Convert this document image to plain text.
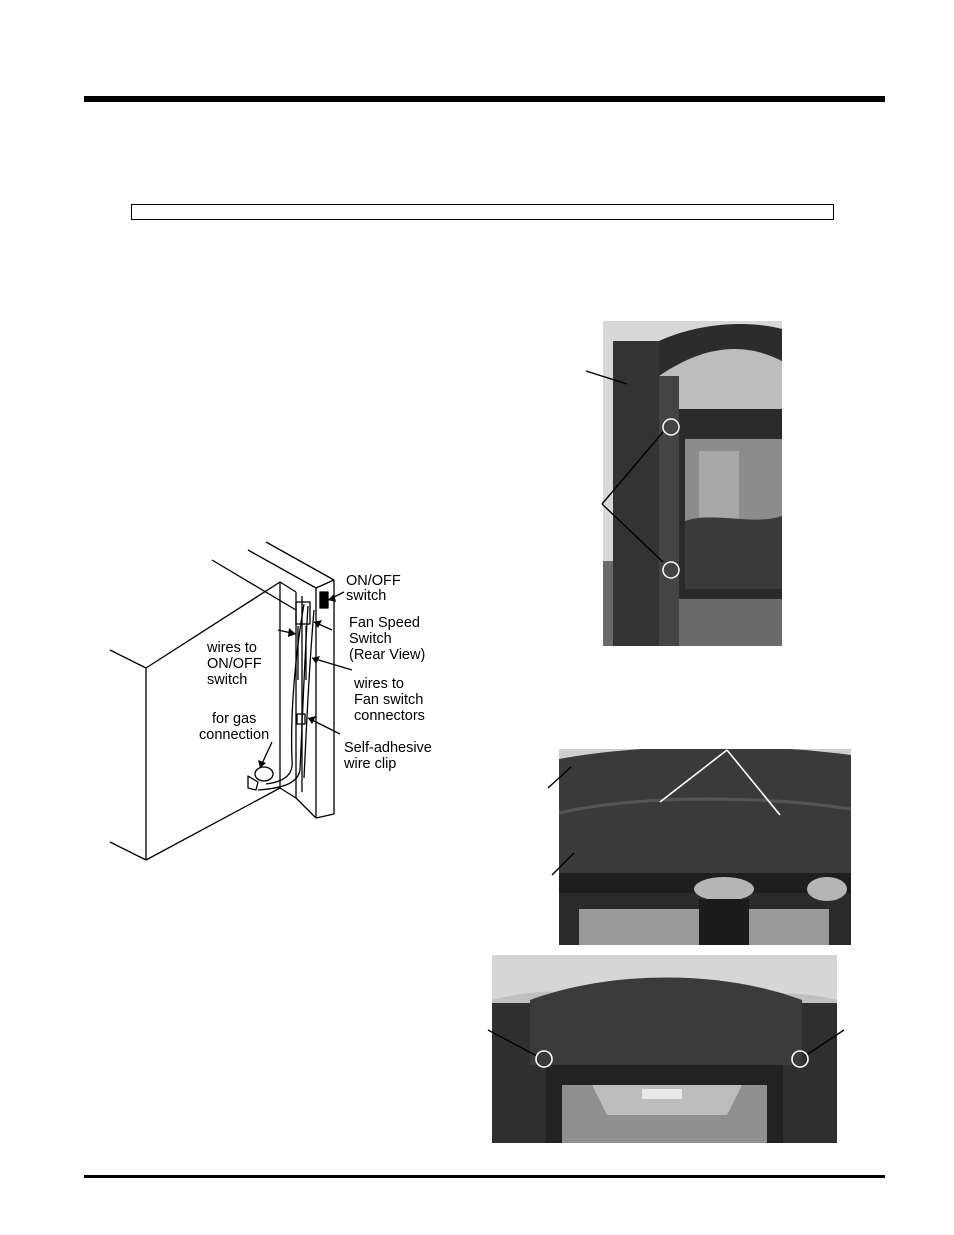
ON/OFF
switch
Fan Speed
Switch
(Rear View)
wires to
ON/OFF
switch	wires to
Fan switch
connectors
for gas
connection
Self-adhesive
wire clip
